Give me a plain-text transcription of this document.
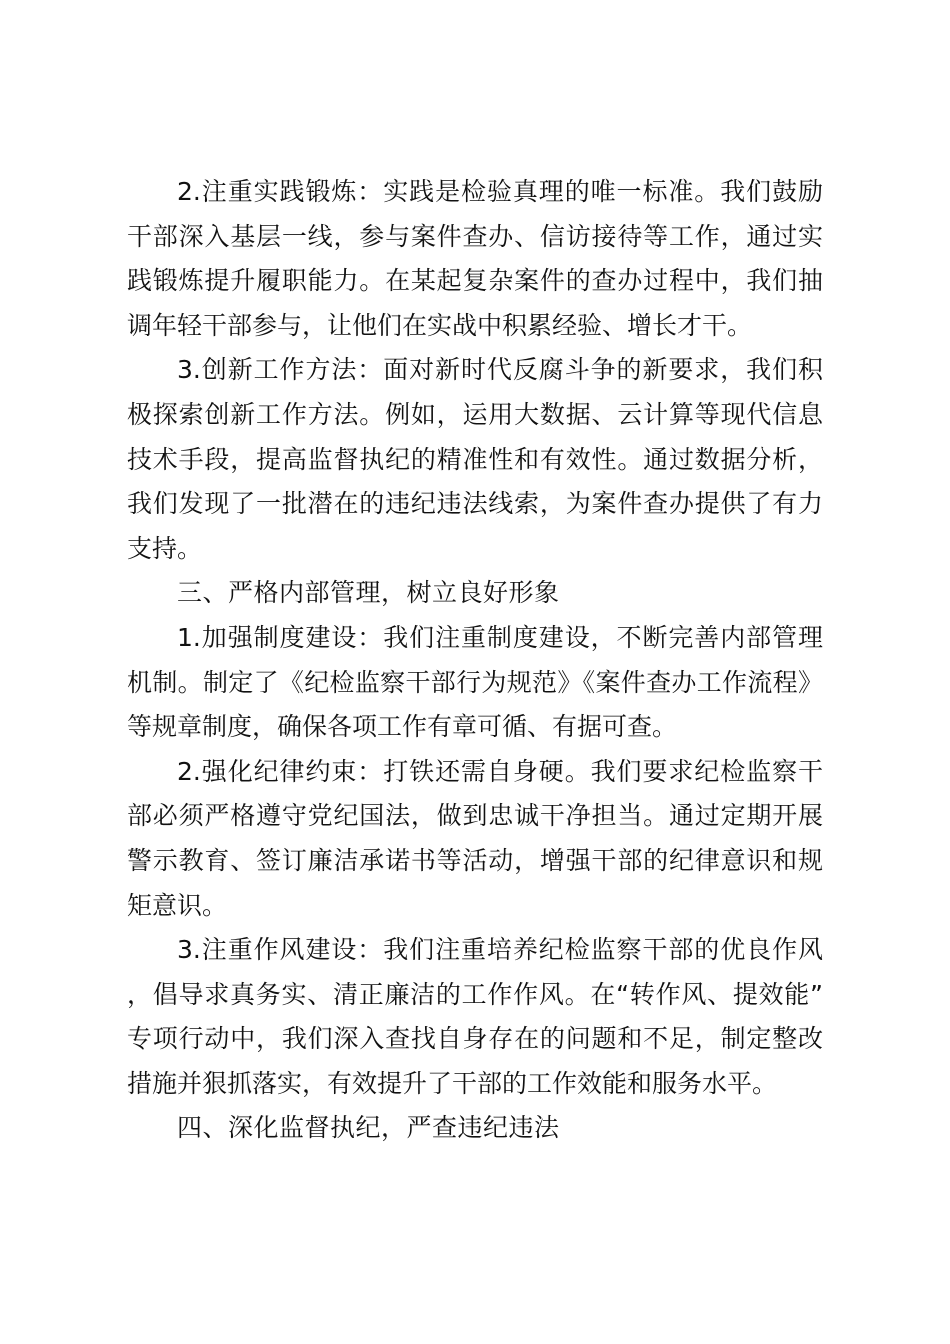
2.注重实践锻炼：实践是检验真理的唯一标准。我们鼓励干部深入基层一线，参与案件查办、信访接待等工作，通过实践锻炼提升履职能力。在某起复杂案件的查办过程中，我们抽调年轻干部参与，让他们在实战中积累经验、增长才干。

3.创新工作方法：面对新时代反腐斗争的新要求，我们积极探索创新工作方法。例如，运用大数据、云计算等现代信息技术手段，提高监督执纪的精准性和有效性。通过数据分析，我们发现了一批潜在的违纪违法线索，为案件查办提供了有力支持。

三、严格内部管理，树立良好形象

1.加强制度建设：我们注重制度建设，不断完善内部管理机制。制定了《纪检监察干部行为规范》《案件查办工作流程》等规章制度，确保各项工作有章可循、有据可查。

2.强化纪律约束：打铁还需自身硬。我们要求纪检监察干部必须严格遵守党纪国法，做到忠诚干净担当。通过定期开展警示教育、签订廉洁承诺书等活动，增强干部的纪律意识和规矩意识。

3.注重作风建设：我们注重培养纪检监察干部的优良作风，倡导求真务实、清正廉洁的工作作风。在“转作风、提效能”专项行动中，我们深入查找自身存在的问题和不足，制定整改措施并狠抓落实，有效提升了干部的工作效能和服务水平。

四、深化监督执纪，严查违纪违法
